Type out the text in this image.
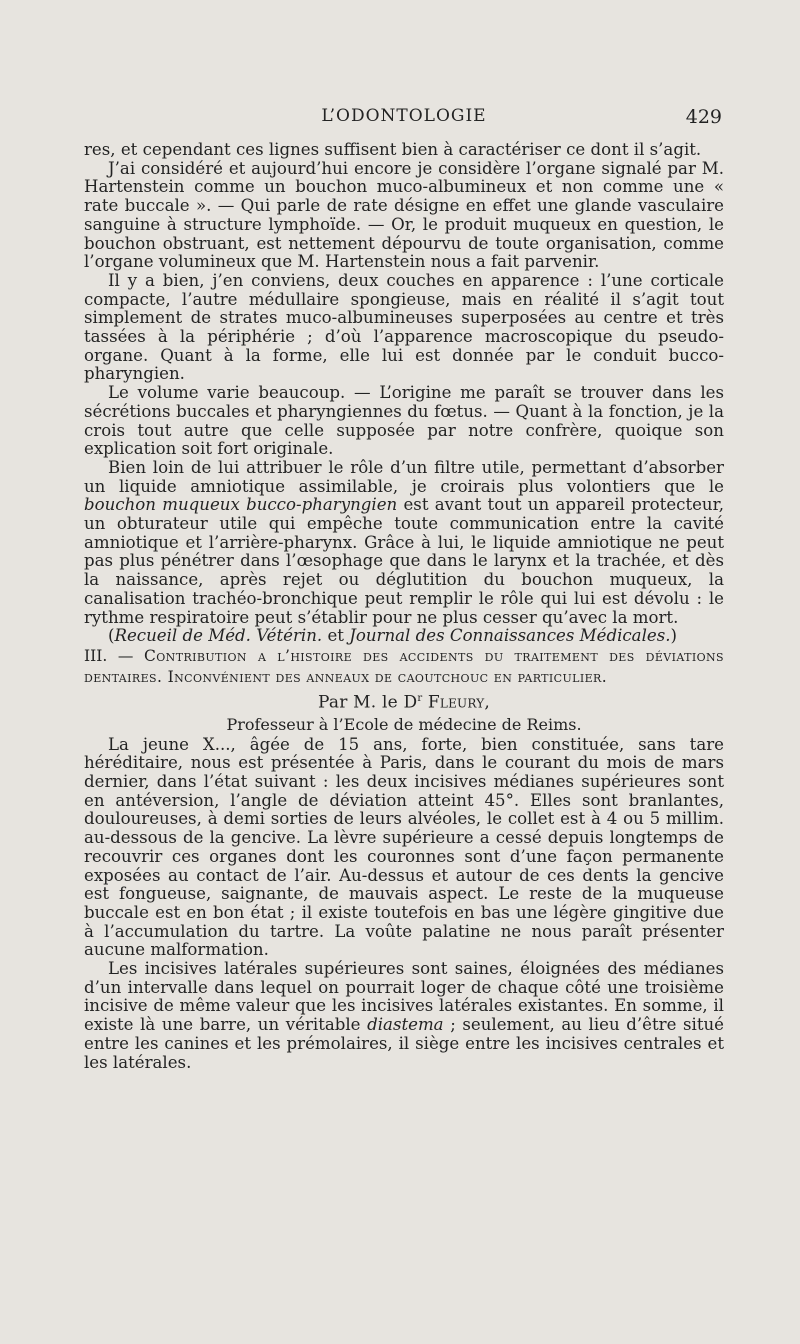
L’ODONTOLOGIE	429

res, et cependant ces lignes suffisent bien à caractériser ce dont il s’agit.

J’ai considéré et aujourd’hui encore je considère l’organe signalé par M. Hartenstein comme un bouchon muco-albumineux et non comme une « rate buccale ». — Qui parle de rate désigne en effet une glande vasculaire sanguine à structure lymphoïde. — Or, le produit muqueux en question, le bouchon obstruant, est nettement dépourvu de toute organisation, comme l’organe volumineux que M. Hartenstein nous a fait parvenir.

Il y a bien, j’en conviens, deux couches en apparence : l’une corticale compacte, l’autre médullaire spongieuse, mais en réalité il s’agit tout simplement de strates muco-albumineuses superposées au centre et très tassées à la périphérie ; d’où l’apparence macroscopique du pseudo-organe. Quant à la forme, elle lui est donnée par le conduit bucco-pharyngien.

Le volume varie beaucoup. — L’origine me paraît se trouver dans les sécrétions buccales et pharyngiennes du fœtus. — Quant à la fonction, je la crois tout autre que celle supposée par notre confrère, quoique son explication soit fort originale.

Bien loin de lui attribuer le rôle d’un filtre utile, permettant d’absorber un liquide amniotique assimilable, je croirais plus volontiers que le bouchon muqueux bucco-pharyngien est avant tout un appareil protecteur, un obturateur utile qui empêche toute communication entre la cavité amniotique et l’arrière-pharynx. Grâce à lui, le liquide amniotique ne peut pas plus pénétrer dans l’œsophage que dans le larynx et la trachée, et dès la naissance, après rejet ou déglutition du bouchon muqueux, la canalisation trachéo-bronchique peut remplir le rôle qui lui est dévolu : le rythme respiratoire peut s’établir pour ne plus cesser qu’avec la mort.

(Recueil de Méd. Vétérin. et Journal des Connaissances Médicales.)

III. — Contribution a l’histoire des accidents du traitement des déviations dentaires. Inconvénient des anneaux de caoutchouc en particulier.

Par M. le $D^r$ Fleury,

Professeur à l’Ecole de médecine de Reims.

La jeune X..., âgée de 15 ans, forte, bien constituée, sans tare héréditaire, nous est présentée à Paris, dans le courant du mois de mars dernier, dans l’état suivant : les deux incisives médianes supérieures sont en antéversion, l’angle de déviation atteint 45°. Elles sont branlantes, douloureuses, à demi sorties de leurs alvéoles, le collet est à 4 ou 5 millim. au-dessous de la gencive. La lèvre supérieure a cessé depuis longtemps de recouvrir ces organes dont les couronnes sont d’une façon permanente exposées au contact de l’air. Au-dessus et autour de ces dents la gencive est fongueuse, saignante, de mauvais aspect. Le reste de la muqueuse buccale est en bon état ; il existe toutefois en bas une légère gingitive due à l’accumulation du tartre. La voûte palatine ne nous paraît présenter aucune malformation.

Les incisives latérales supérieures sont saines, éloignées des médianes d’un intervalle dans lequel on pourrait loger de chaque côté une troisième incisive de même valeur que les incisives latérales existantes. En somme, il existe là une barre, un véritable diastema ; seulement, au lieu d’être situé entre les canines et les prémolaires, il siège entre les incisives centrales et les latérales.
